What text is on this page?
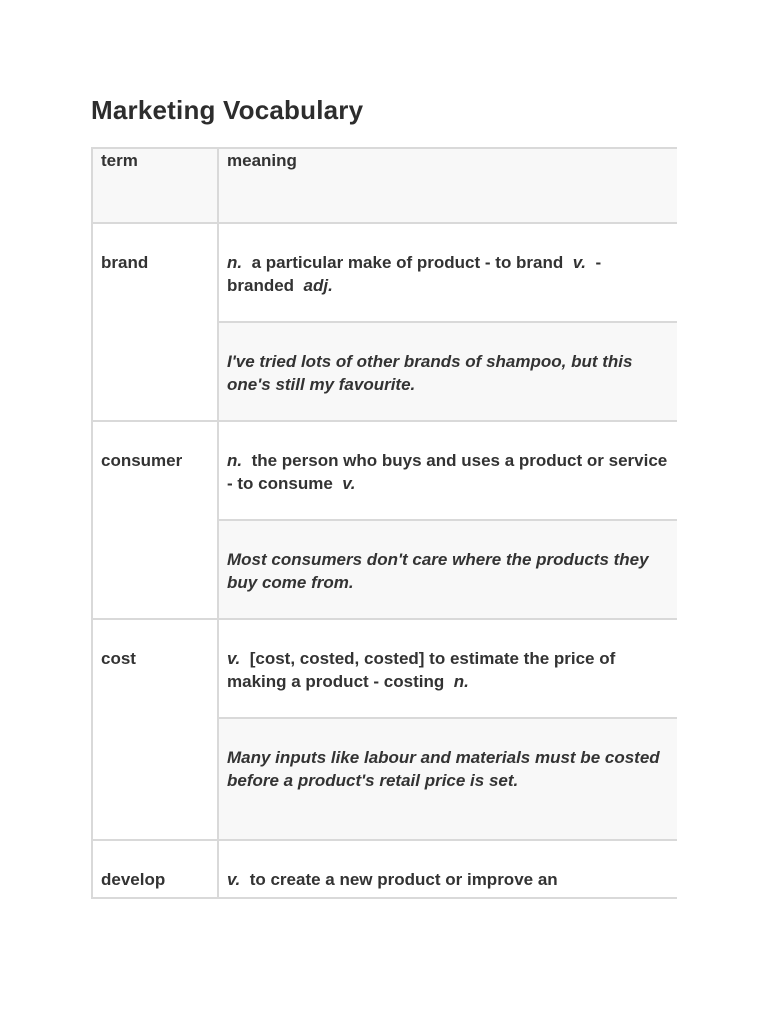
Marketing Vocabulary
term	meaning
brand	n. a particular make of product - to brand v. - branded adj.
	I've tried lots of other brands of shampoo, but this one's still my favourite.
consumer	n. the person who buys and uses a product or service - to consume v.
	Most consumers don't care where the products they buy come from.
cost	v. [cost, costed, costed] to estimate the price of making a product - costing n.
	Many inputs like labour and materials must be costed before a product's retail price is set.
develop	v. to create a new product or improve an
